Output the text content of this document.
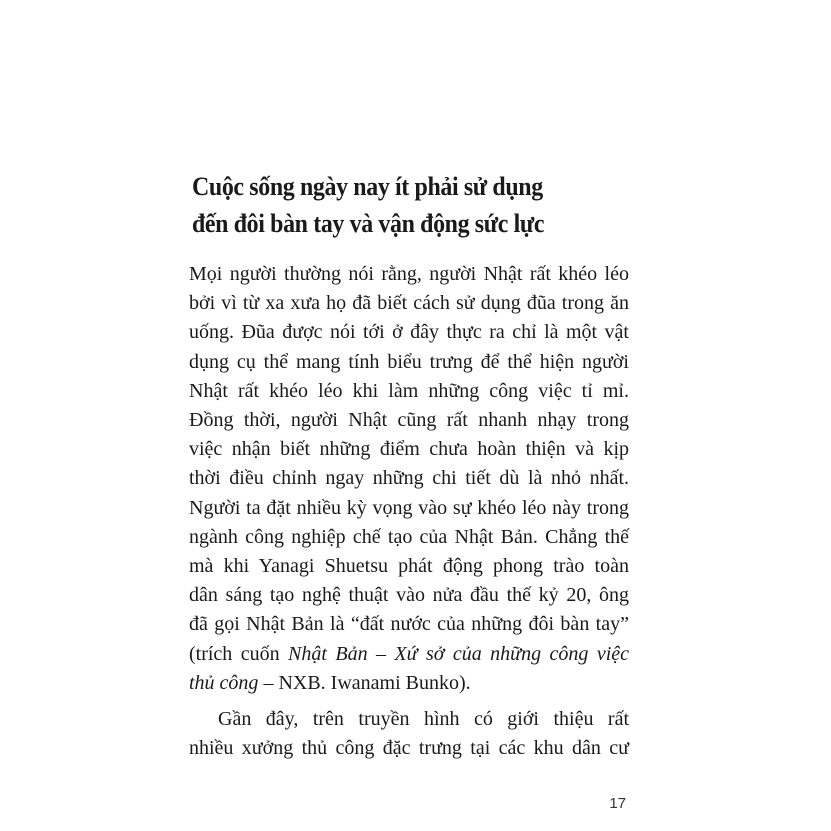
Cuộc sống ngày nay ít phải sử dụng
đến đôi bàn tay và vận động sức lực
Mọi người thường nói rằng, người Nhật rất khéo léo
bởi vì từ xa xưa họ đã biết cách sử dụng đũa trong ăn
uống. Đũa được nói tới ở đây thực ra chỉ là một vật
dụng cụ thể mang tính biểu trưng để thể hiện người
Nhật rất khéo léo khi làm những công việc tỉ mỉ.
Đồng thời, người Nhật cũng rất nhanh nhạy trong
việc nhận biết những điểm chưa hoàn thiện và kịp
thời điều chỉnh ngay những chi tiết dù là nhỏ nhất.
Người ta đặt nhiều kỳ vọng vào sự khéo léo này trong
ngành công nghiệp chế tạo của Nhật Bản. Chẳng thế
mà khi Yanagi Shuetsu phát động phong trào toàn
dân sáng tạo nghệ thuật vào nửa đầu thế kỷ 20, ông
đã gọi Nhật Bản là “đất nước của những đôi bàn tay”
(trích cuốn Nhật Bản – Xứ sở của những công việc
thủ công – NXB. Iwanami Bunko).
Gần đây, trên truyền hình có giới thiệu rất
nhiều xưởng thủ công đặc trưng tại các khu dân cư
17
